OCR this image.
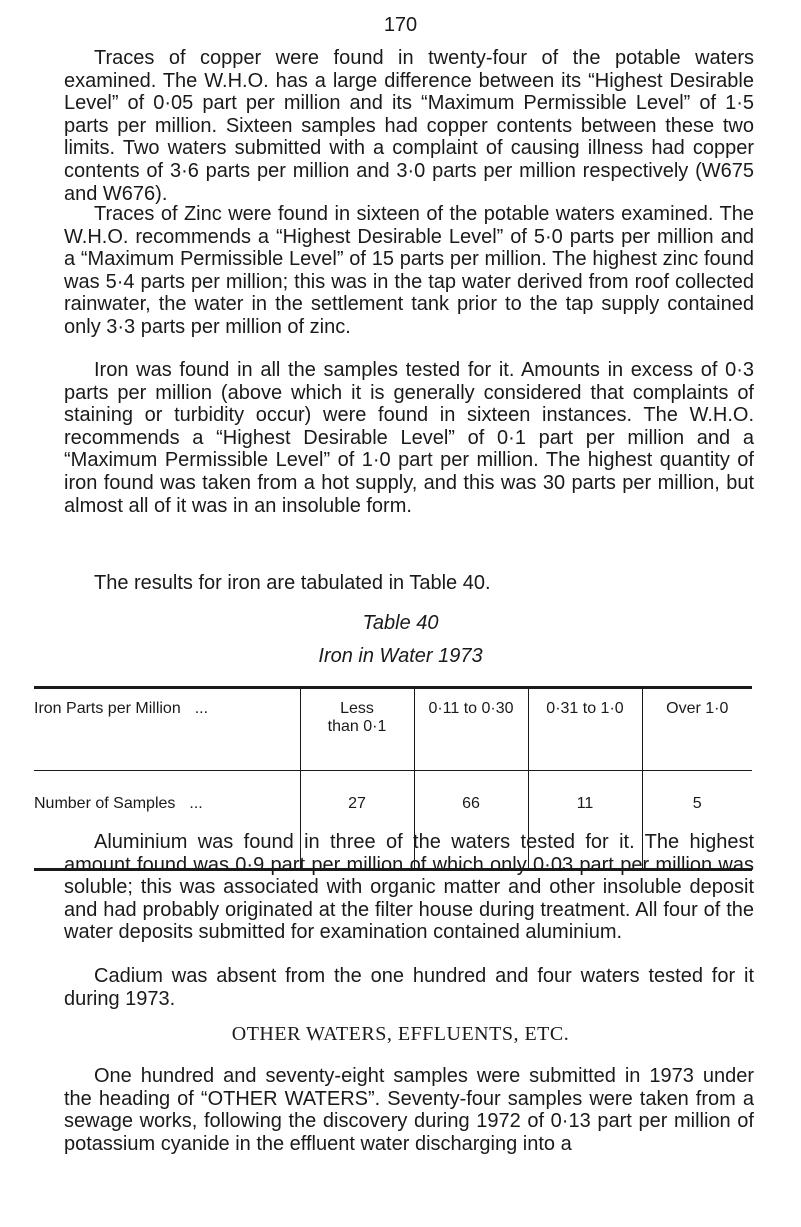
170

Traces of copper were found in twenty-four of the potable waters examined. The W.H.O. has a large difference between its “Highest Desirable Level” of 0·05 part per million and its “Maximum Permissible Level” of 1·5 parts per million. Sixteen samples had copper contents between these two limits. Two waters submitted with a complaint of causing illness had copper contents of 3·6 parts per million and 3·0 parts per million respectively (W675 and W676).

Traces of Zinc were found in sixteen of the potable waters examined. The W.H.O. recommends a “Highest Desirable Level” of 5·0 parts per million and a “Maximum Permissible Level” of 15 parts per million. The highest zinc found was 5·4 parts per million; this was in the tap water derived from roof collected rainwater, the water in the settlement tank prior to the tap supply contained only 3·3 parts per million of zinc.

Iron was found in all the samples tested for it. Amounts in excess of 0·3 parts per million (above which it is generally considered that complaints of staining or turbidity occur) were found in sixteen instances. The W.H.O. recommends a “Highest Desirable Level” of 0·1 part per million and a “Maximum Permissible Level” of 1·0 part per million. The highest quantity of iron found was taken from a hot supply, and this was 30 parts per million, but almost all of it was in an insoluble form.

The results for iron are tabulated in Table 40.

Table 40
Iron in Water 1973
Iron Parts per Million ...	Less than 0·1	0·11 to 0·30	0·31 to 1·0	Over 1·0
Number of Samples ...	27	66	11	5

Aluminium was found in three of the waters tested for it. The highest amount found was 0·9 part per million of which only 0·03 part per million was soluble; this was associated with organic matter and other insoluble deposit and had probably originated at the filter house during treatment. All four of the water deposits submitted for examination contained aluminium.

Cadium was absent from the one hundred and four waters tested for it during 1973.

OTHER WATERS, EFFLUENTS, ETC.

One hundred and seventy-eight samples were submitted in 1973 under the heading of “OTHER WATERS”. Seventy-four samples were taken from a sewage works, following the discovery during 1972 of 0·13 part per million of potassium cyanide in the effluent water discharging into a
